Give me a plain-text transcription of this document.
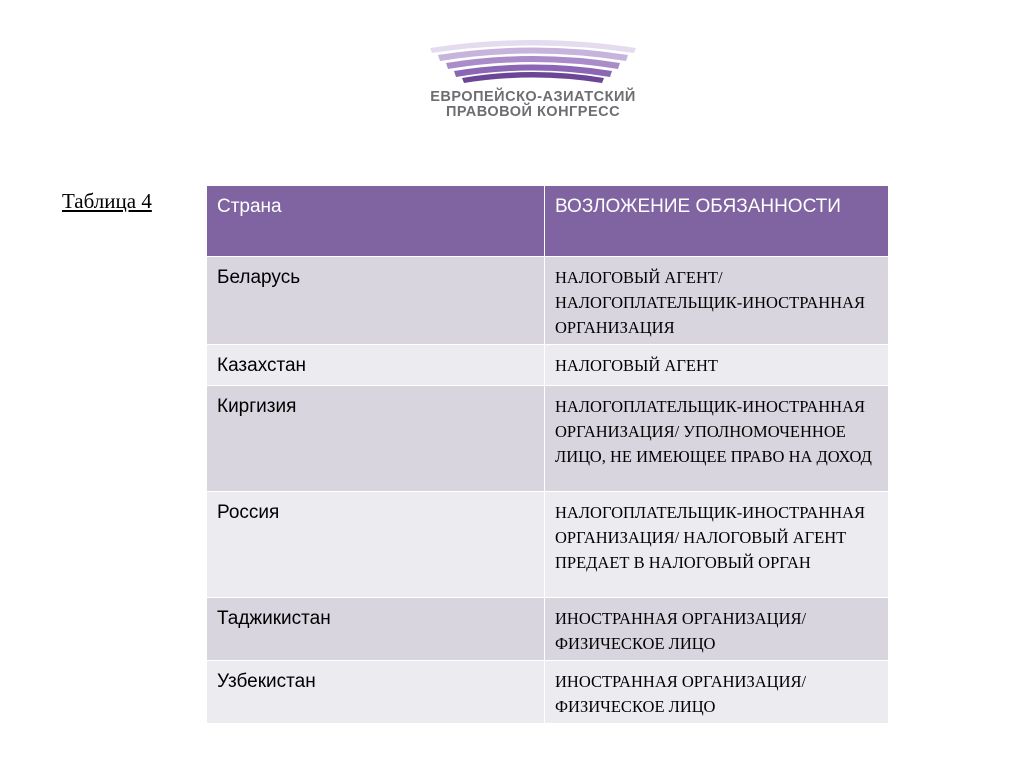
ЕВРОПЕЙСКО-АЗИАТСКИЙ
ПРАВОВОЙ КОНГРЕСС
Таблица 4	Страна	ВОЗЛОЖЕНИЕ ОБЯЗАННОСТИ
Беларусь	НАЛОГОВЫЙ АГЕНТ/ НАЛОГОПЛАТЕЛЬЩИК-ИНОСТРАННАЯ ОРГАНИЗАЦИЯ
Казахстан	НАЛОГОВЫЙ АГЕНТ
Киргизия	НАЛОГОПЛАТЕЛЬЩИК-ИНОСТРАННАЯ ОРГАНИЗАЦИЯ/ УПОЛНОМОЧЕННОЕ ЛИЦО, НЕ ИМЕЮЩЕЕ ПРАВО НА ДОХОД
Россия	НАЛОГОПЛАТЕЛЬЩИК-ИНОСТРАННАЯ ОРГАНИЗАЦИЯ/ НАЛОГОВЫЙ АГЕНТ ПРЕДАЕТ В НАЛОГОВЫЙ ОРГАН
Таджикистан	ИНОСТРАННАЯ ОРГАНИЗАЦИЯ/ ФИЗИЧЕСКОЕ ЛИЦО
Узбекистан	ИНОСТРАННАЯ ОРГАНИЗАЦИЯ/ ФИЗИЧЕСКОЕ ЛИЦО
